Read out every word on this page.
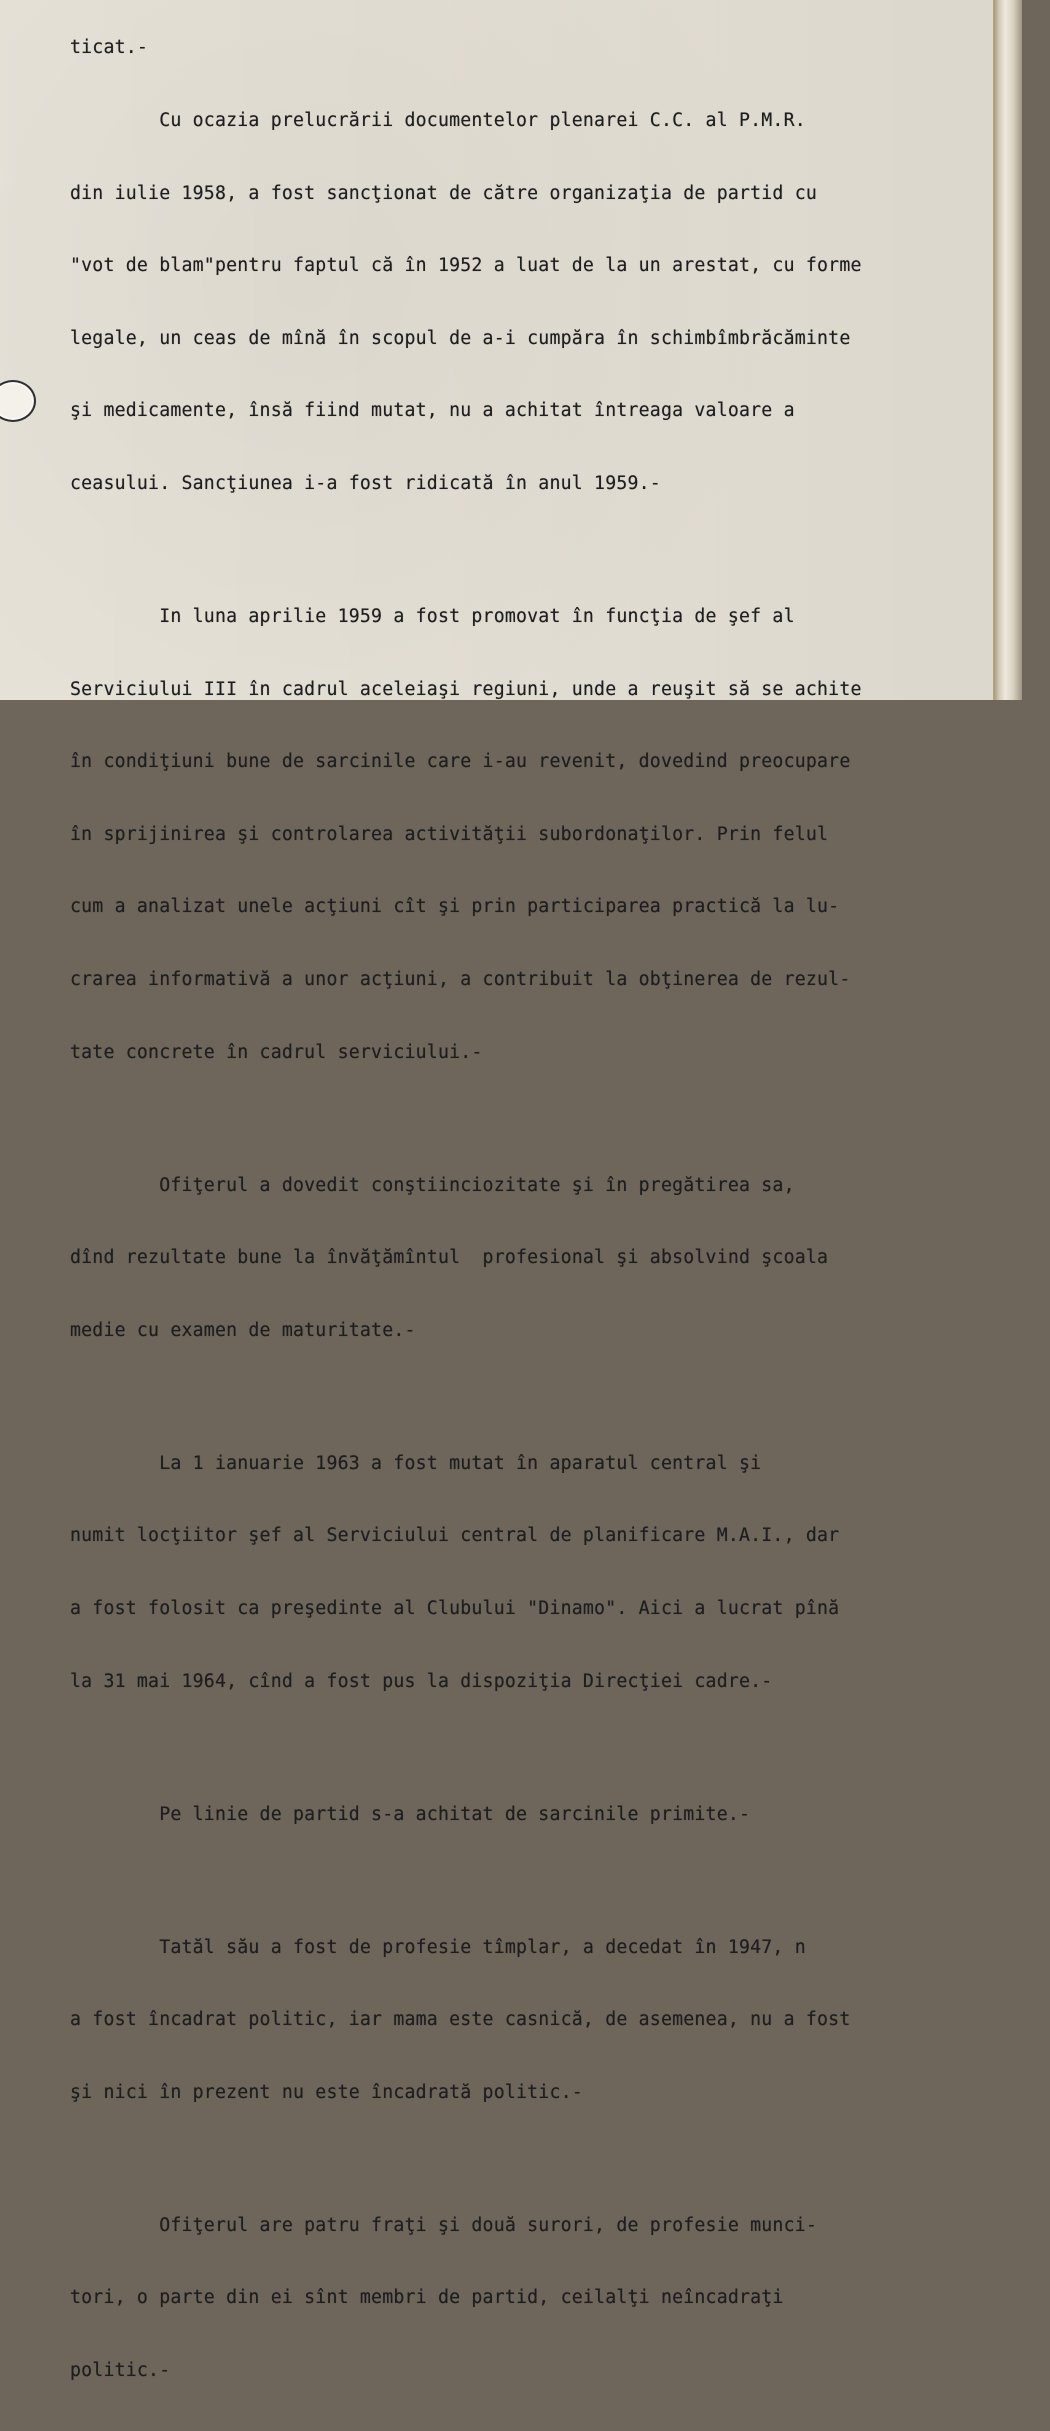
ticat.-

Cu ocazia prelucrării documentelor plenarei C.C. al P.M.R.

din iulie 1958, a fost sancţionat de către organizaţia de partid cu

"vot de blam"pentru faptul că în 1952 a luat de la un arestat, cu forme

legale, un ceas de mînă în scopul de a-i cumpăra în schimbîmbrăcăminte

şi medicamente, însă fiind mutat, nu a achitat întreaga valoare a

ceasului. Sancţiunea i-a fost ridicată în anul 1959.-

In luna aprilie 1959 a fost promovat în funcţia de şef al

Serviciului III în cadrul aceleiaşi regiuni, unde a reuşit să se achite

în condiţiuni bune de sarcinile care i-au revenit, dovedind preocupare

în sprijinirea şi controlarea activităţii subordonaţilor. Prin felul

cum a analizat unele acţiuni cît şi prin participarea practică la lu-

crarea informativă a unor acţiuni, a contribuit la obţinerea de rezul-

tate concrete în cadrul serviciului.-

Ofiţerul a dovedit conştiinciozitate şi în pregătirea sa,

dînd rezultate bune la învăţămîntul  profesional şi absolvind şcoala

medie cu examen de maturitate.-

La 1 ianuarie 1963 a fost mutat în aparatul central şi

numit locţiitor şef al Serviciului central de planificare M.A.I., dar

a fost folosit ca preşedinte al Clubului "Dinamo". Aici a lucrat pînă

la 31 mai 1964, cînd a fost pus la dispoziţia Direcţiei cadre.-

Pe linie de partid s-a achitat de sarcinile primite.-

Tatăl său a fost de profesie tîmplar, a decedat în 1947, n

a fost încadrat politic, iar mama este casnică, de asemenea, nu a fost

şi nici în prezent nu este încadrată politic.-

Ofiţerul are patru fraţi şi două surori, de profesie munci-

tori, o parte din ei sînt membri de partid, ceilalţi neîncadraţi

politic.-
